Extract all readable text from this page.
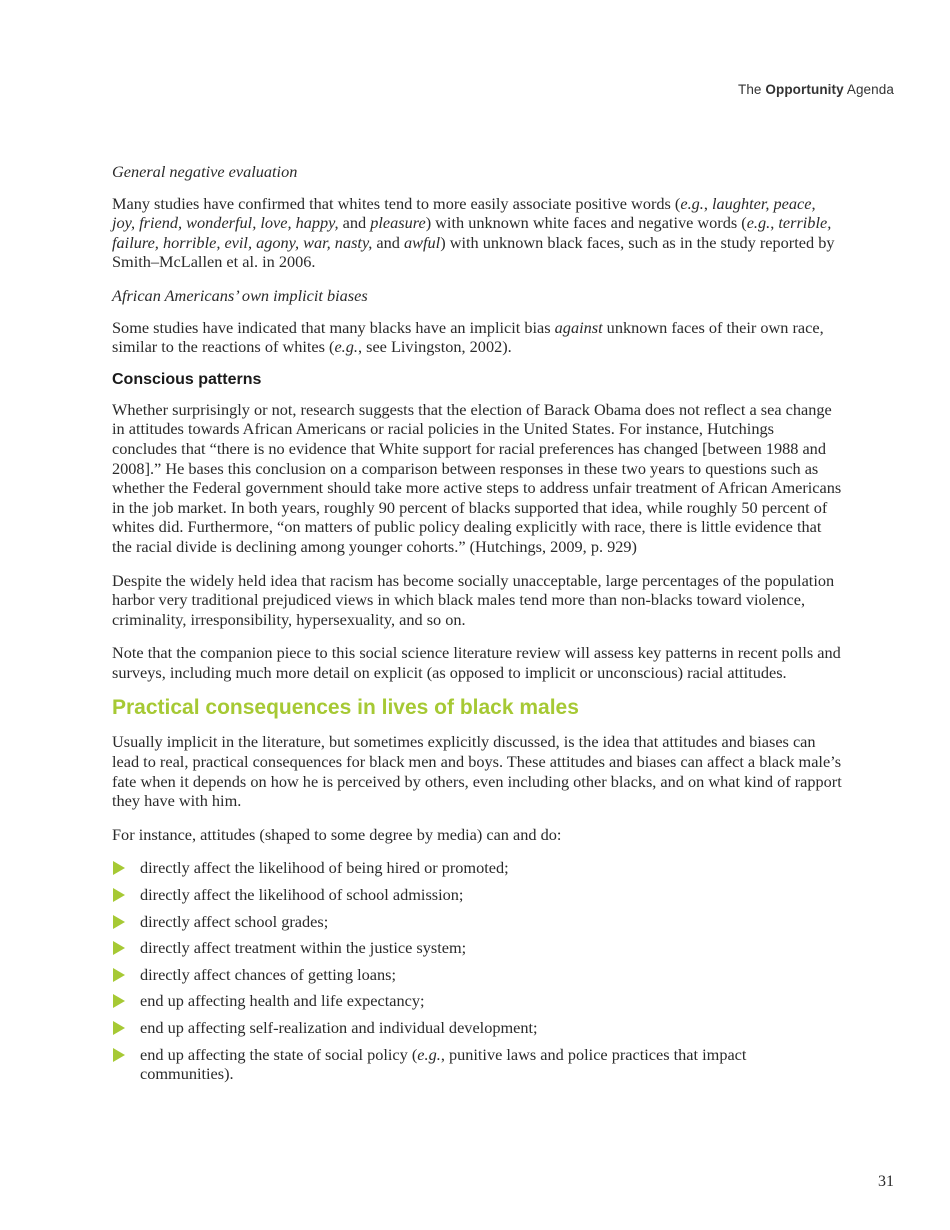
The Opportunity Agenda

General negative evaluation

Many studies have confirmed that whites tend to more easily associate positive words (e.g., laughter, peace, joy, friend, wonderful, love, happy, and pleasure) with unknown white faces and negative words (e.g., terrible, failure, horrible, evil, agony, war, nasty, and awful) with unknown black faces, such as in the study reported by Smith–McLallen et al. in 2006.

African Americans’ own implicit biases

Some studies have indicated that many blacks have an implicit bias against unknown faces of their own race, similar to the reactions of whites (e.g., see Livingston, 2002).

Conscious patterns

Whether surprisingly or not, research suggests that the election of Barack Obama does not reflect a sea change in attitudes towards African Americans or racial policies in the United States. For instance, Hutchings concludes that “there is no evidence that White support for racial preferences has changed [between 1988 and 2008].” He bases this conclusion on a comparison between responses in these two years to questions such as whether the Federal government should take more active steps to address unfair treatment of African Americans in the job market. In both years, roughly 90 percent of blacks supported that idea, while roughly 50 percent of whites did. Furthermore, “on matters of public policy dealing explicitly with race, there is little evidence that the racial divide is declining among younger cohorts.” (Hutchings, 2009, p. 929)

Despite the widely held idea that racism has become socially unacceptable, large percentages of the population harbor very traditional prejudiced views in which black males tend more than non-blacks toward violence, criminality, irresponsibility, hypersexuality, and so on.

Note that the companion piece to this social science literature review will assess key patterns in recent polls and surveys, including much more detail on explicit (as opposed to implicit or unconscious) racial attitudes.

Practical consequences in lives of black males

Usually implicit in the literature, but sometimes explicitly discussed, is the idea that attitudes and biases can lead to real, practical consequences for black men and boys. These attitudes and biases can affect a black male’s fate when it depends on how he is perceived by others, even including other blacks, and on what kind of rapport they have with him.

For instance, attitudes (shaped to some degree by media) can and do:

directly affect the likelihood of being hired or promoted;
directly affect the likelihood of school admission;
directly affect school grades;
directly affect treatment within the justice system;
directly affect chances of getting loans;
end up affecting health and life expectancy;
end up affecting self-realization and individual development;
end up affecting the state of social policy (e.g., punitive laws and police practices that impact communities).
31
